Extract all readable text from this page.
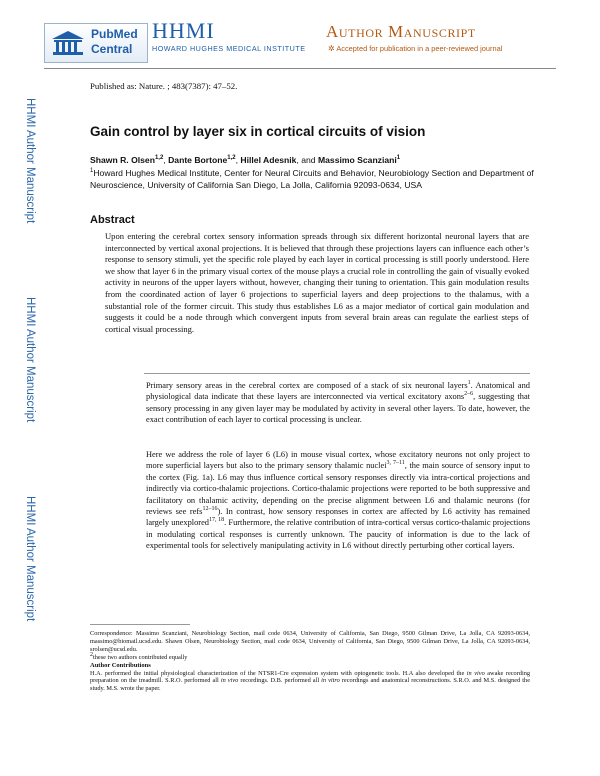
PubMed
Central
HHMI
HOWARD HUGHES MEDICAL INSTITUTE
Author Manuscript
✲ Accepted for publication in a peer-reviewed journal
HHMI Author Manuscript
HHMI Author Manuscript
HHMI Author Manuscript
Published as: Nature. ; 483(7387): 47–52.
Gain control by layer six in cortical circuits of vision
Shawn R. Olsen$^{1,2}$, Dante Bortone$^{1,2}$, Hillel Adesnik, and Massimo Scanziani$^1$
$^1$Howard Hughes Medical Institute, Center for Neural Circuits and Behavior, Neurobiology Section and Department of Neuroscience, University of California San Diego, La Jolla, California 92093-0634, USA
Abstract
Upon entering the cerebral cortex sensory information spreads through six different horizontal neuronal layers that are interconnected by vertical axonal projections. It is believed that through these projections layers can influence each other’s response to sensory stimuli, yet the specific role played by each layer in cortical processing is still poorly understood. Here we show that layer 6 in the primary visual cortex of the mouse plays a crucial role in controlling the gain of visually evoked activity in neurons of the upper layers without, however, changing their tuning to orientation. This gain modulation results from the coordinated action of layer 6 projections to superficial layers and deep projections to the thalamus, with a substantial role of the former circuit. This study thus establishes L6 as a major mediator of cortical gain modulation and suggests it could be a node through which convergent inputs from several brain areas can regulate the earliest steps of cortical visual processing.
Primary sensory areas in the cerebral cortex are composed of a stack of six neuronal layers$^1$. Anatomical and physiological data indicate that these layers are interconnected via vertical excitatory axons$^{2-6}$, suggesting that sensory processing in any given layer may be modulated by activity in several other layers. To date, however, the exact contribution of each layer to cortical processing is unclear.
Here we address the role of layer 6 (L6) in mouse visual cortex, whose excitatory neurons not only project to more superficial layers but also to the primary sensory thalamic nuclei$^{3, 7-11}$, the main source of sensory input to the cortex (Fig. 1a). L6 may thus influence cortical sensory responses directly via intra-cortical projections and indirectly via cortico-thalamic projections. Cortico-thalamic projections were reported to be both suppressive and facilitatory on thalamic activity, depending on the precise alignment between L6 and thalamic neurons (for reviews see refs$^{12-16}$). In contrast, how sensory responses in cortex are affected by L6 activity has remained largely unexplored$^{17, 18}$. Furthermore, the relative contribution of intra-cortical versus cortico-thalamic projections in modulating cortical responses is currently unknown. The paucity of information is due to the lack of experimental tools for selectively manipulating activity in L6 without directly perturbing other cortical layers.
Correspondence: Massimo Scanziani, Neurobiology Section, mail code 0634, University of California, San Diego, 9500 Gilman Drive, La Jolla, CA 92093-0634, massimo@biomail.ucsd.edu. Shawn Olsen, Neurobiology Section, mail code 0634, University of California, San Diego, 9500 Gilman Drive, La Jolla, CA 92093-0634, srolsen@ucsd.edu.
$^2$these two authors contributed equally
Author Contributions
H.A. performed the initial physiological characterization of the NTSR1-Cre expression system with optogenetic tools. H.A also developed the in vivo awake recording preparation on the treadmill. S.R.O. performed all in vivo recordings. D.B. performed all in vitro recordings and anatomical reconstructions. S.R.O. and M.S. designed the study. M.S. wrote the paper.
